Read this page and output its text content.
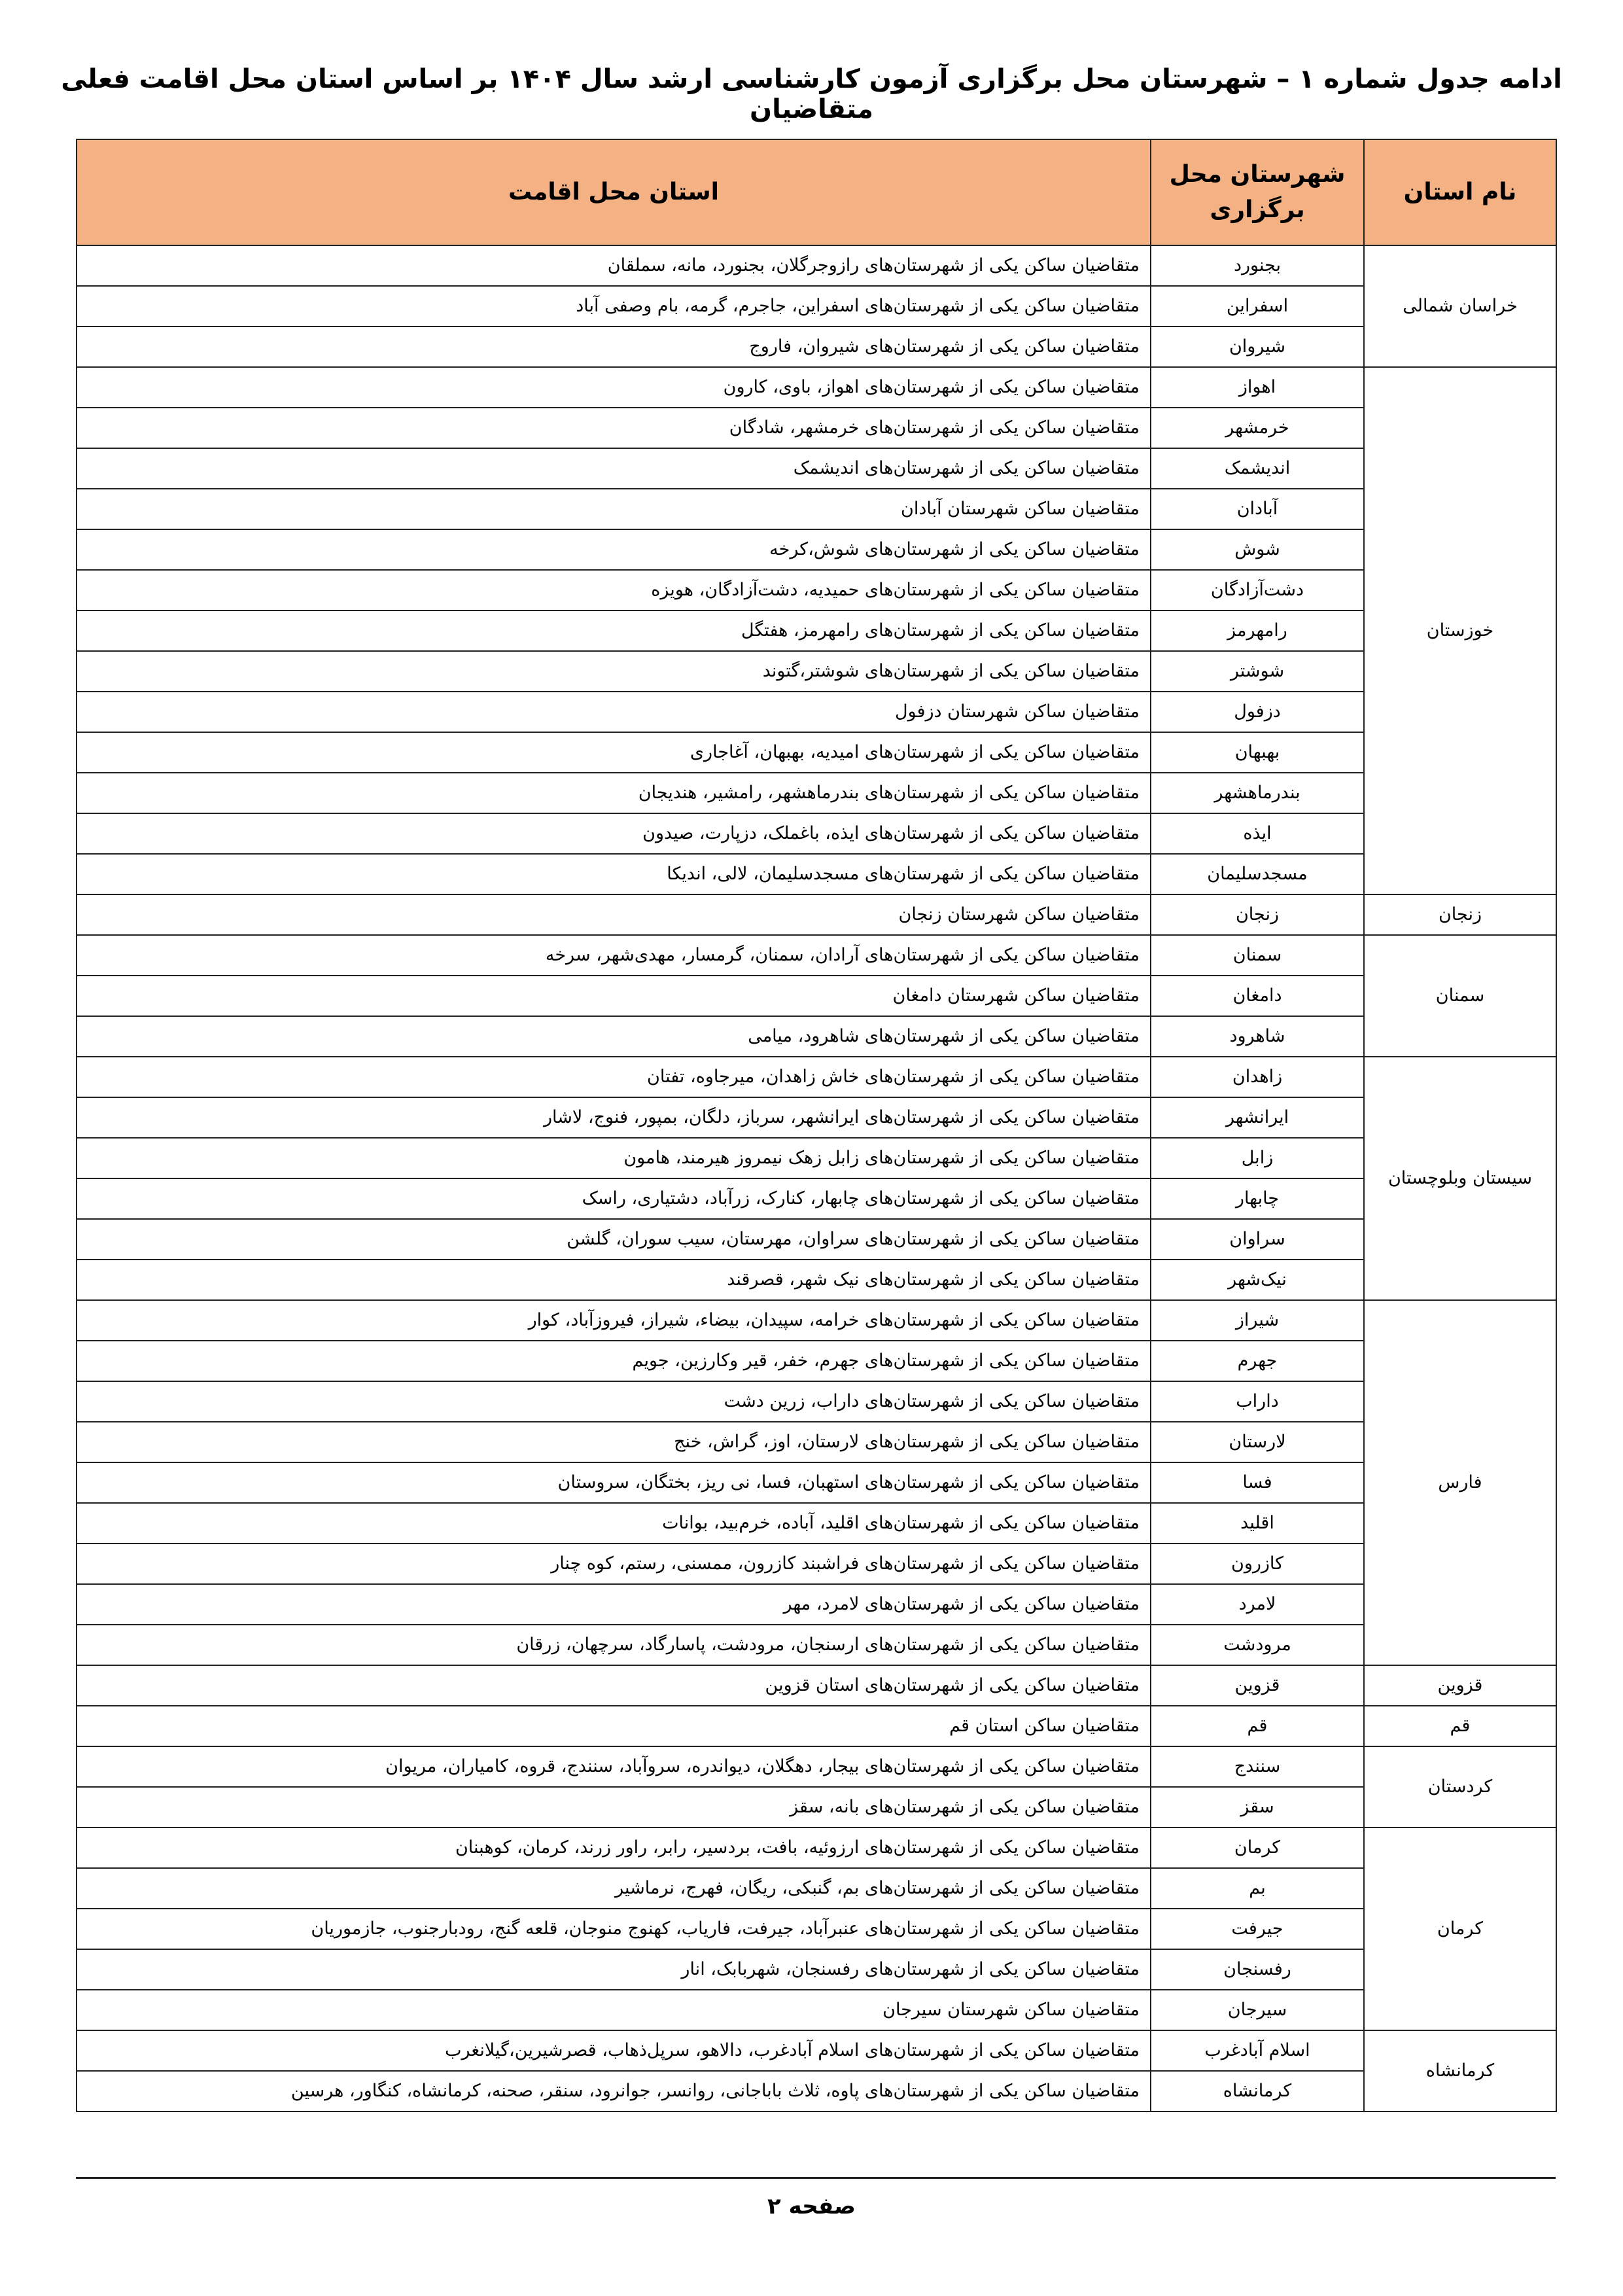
ادامه جدول شماره ۱ – شهرستان محل برگزاری آزمون کارشناسی ارشد سال ۱۴۰۴ بر اساس استان محل اقامت فعلی متقاضیان
نام استان	شهرستان محل برگزاری	استان محل اقامت
خراسان شمالی	بجنورد	متقاضیان ساکن یکی از شهرستان‌های رازوجرگلان، بجنورد، مانه، سملقان
	اسفراین	متقاضیان ساکن یکی از شهرستان‌های اسفراین، جاجرم، گرمه، بام وصفی آباد
	شیروان	متقاضیان ساکن یکی از شهرستان‌های شیروان، فاروج
خوزستان	اهواز	متقاضیان ساکن یکی از شهرستان‌های اهواز، باوی، کارون
	خرمشهر	متقاضیان ساکن یکی از شهرستان‌های خرمشهر، شادگان
	اندیشمک	متقاضیان ساکن یکی از شهرستان‌های اندیشمک
	آبادان	متقاضیان ساکن شهرستان آبادان
	شوش	متقاضیان ساکن یکی از شهرستان‌های شوش،کرخه
	دشت‌آزادگان	متقاضیان ساکن یکی از شهرستان‌های حمیدیه، دشت‌آزادگان، هویزه
	رامهرمز	متقاضیان ساکن یکی از شهرستان‌های رامهرمز، هفتگل
	شوشتر	متقاضیان ساکن یکی از شهرستان‌های شوشتر،گتوند
	دزفول	متقاضیان ساکن شهرستان دزفول
	بهبهان	متقاضیان ساکن یکی از شهرستان‌های امیدیه، بهبهان، آغاجاری
	بندرماهشهر	متقاضیان ساکن یکی از شهرستان‌های بندرماهشهر، رامشیر، هندیجان
	ایذه	متقاضیان ساکن یکی از شهرستان‌های ایذه، باغملک، دزپارت، صیدون
	مسجدسلیمان	متقاضیان ساکن یکی از شهرستان‌های مسجدسلیمان، لالی، اندیکا
زنجان	زنجان	متقاضیان ساکن شهرستان زنجان
سمنان	سمنان	متقاضیان ساکن یکی از شهرستان‌های آرادان، سمنان، گرمسار، مهدی‌شهر، سرخه
	دامغان	متقاضیان ساکن شهرستان دامغان
	شاهرود	متقاضیان ساکن یکی از شهرستان‌های شاهرود، میامی
سیستان وبلوچستان	زاهدان	متقاضیان ساکن یکی از شهرستان‌های خاش زاهدان، میرجاوه، تفتان
	ایرانشهر	متقاضیان ساکن یکی از شهرستان‌های ایرانشهر، سرباز، دلگان، بمپور، فنوج، لاشار
	زابل	متقاضیان ساکن یکی از شهرستان‌های زابل زهک نیمروز هیرمند، هامون
	چابهار	متقاضیان ساکن یکی از شهرستان‌های چابهار، کنارک، زرآباد، دشتیاری، راسک
	سراوان	متقاضیان ساکن یکی از شهرستان‌های سراوان، مهرستان، سیب سوران، گلشن
	نیک‌شهر	متقاضیان ساکن یکی از شهرستان‌های نیک شهر، قصرقند
فارس	شیراز	متقاضیان ساکن یکی از شهرستان‌های خرامه، سپیدان، بیضاء، شیراز، فیروزآباد، کوار
	جهرم	متقاضیان ساکن یکی از شهرستان‌های جهرم، خفر، قیر وکارزین، جویم
	داراب	متقاضیان ساکن یکی از شهرستان‌های داراب، زرین دشت
	لارستان	متقاضیان ساکن یکی از شهرستان‌های لارستان، اوز، گراش، خنج
	فسا	متقاضیان ساکن یکی از شهرستان‌های استهبان، فسا، نی ریز، بختگان، سروستان
	اقلید	متقاضیان ساکن یکی از شهرستان‌های اقلید، آباده، خرم‌بید، بوانات
	کازرون	متقاضیان ساکن یکی از شهرستان‌های فراشبند کازرون، ممسنی، رستم، کوه چنار
	لامرد	متقاضیان ساکن یکی از شهرستان‌های لامرد، مهر
	مرودشت	متقاضیان ساکن یکی از شهرستان‌های ارسنجان، مرودشت، پاسارگاد، سرچهان، زرقان
قزوین	قزوین	متقاضیان ساکن یکی از شهرستان‌های استان قزوین
قم	قم	متقاضیان ساکن استان قم
کردستان	سنندج	متقاضیان ساکن یکی از شهرستان‌های بیجار، دهگلان، دیواندره، سروآباد، سنندج، قروه، کامیاران، مریوان
	سقز	متقاضیان ساکن یکی از شهرستان‌های بانه، سقز
کرمان	کرمان	متقاضیان ساکن یکی از شهرستان‌های ارزوئیه، بافت، بردسیر، رابر، راور زرند، کرمان، کوهبنان
	بم	متقاضیان ساکن یکی از شهرستان‌های بم، گنبکی، ریگان، فهرج، نرماشیر
	جیرفت	متقاضیان ساکن یکی از شهرستان‌های عنبرآباد، جیرفت، فاریاب، کهنوج منوجان، قلعه گنج، رودبارجنوب، جازموریان
	رفسنجان	متقاضیان ساکن یکی از شهرستان‌های رفسنجان، شهربابک، انار
	سیرجان	متقاضیان ساکن شهرستان سیرجان
کرمانشاه	اسلام آبادغرب	متقاضیان ساکن یکی از شهرستان‌های اسلام آبادغرب، دالاهو، سرپل‌ذهاب، قصرشیرین،گیلانغرب
	کرمانشاه	متقاضیان ساکن یکی از شهرستان‌های پاوه، ثلاث باباجانی، روانسر، جوانرود، سنقر، صحنه، کرمانشاه، کنگاور، هرسین
صفحه ۲
